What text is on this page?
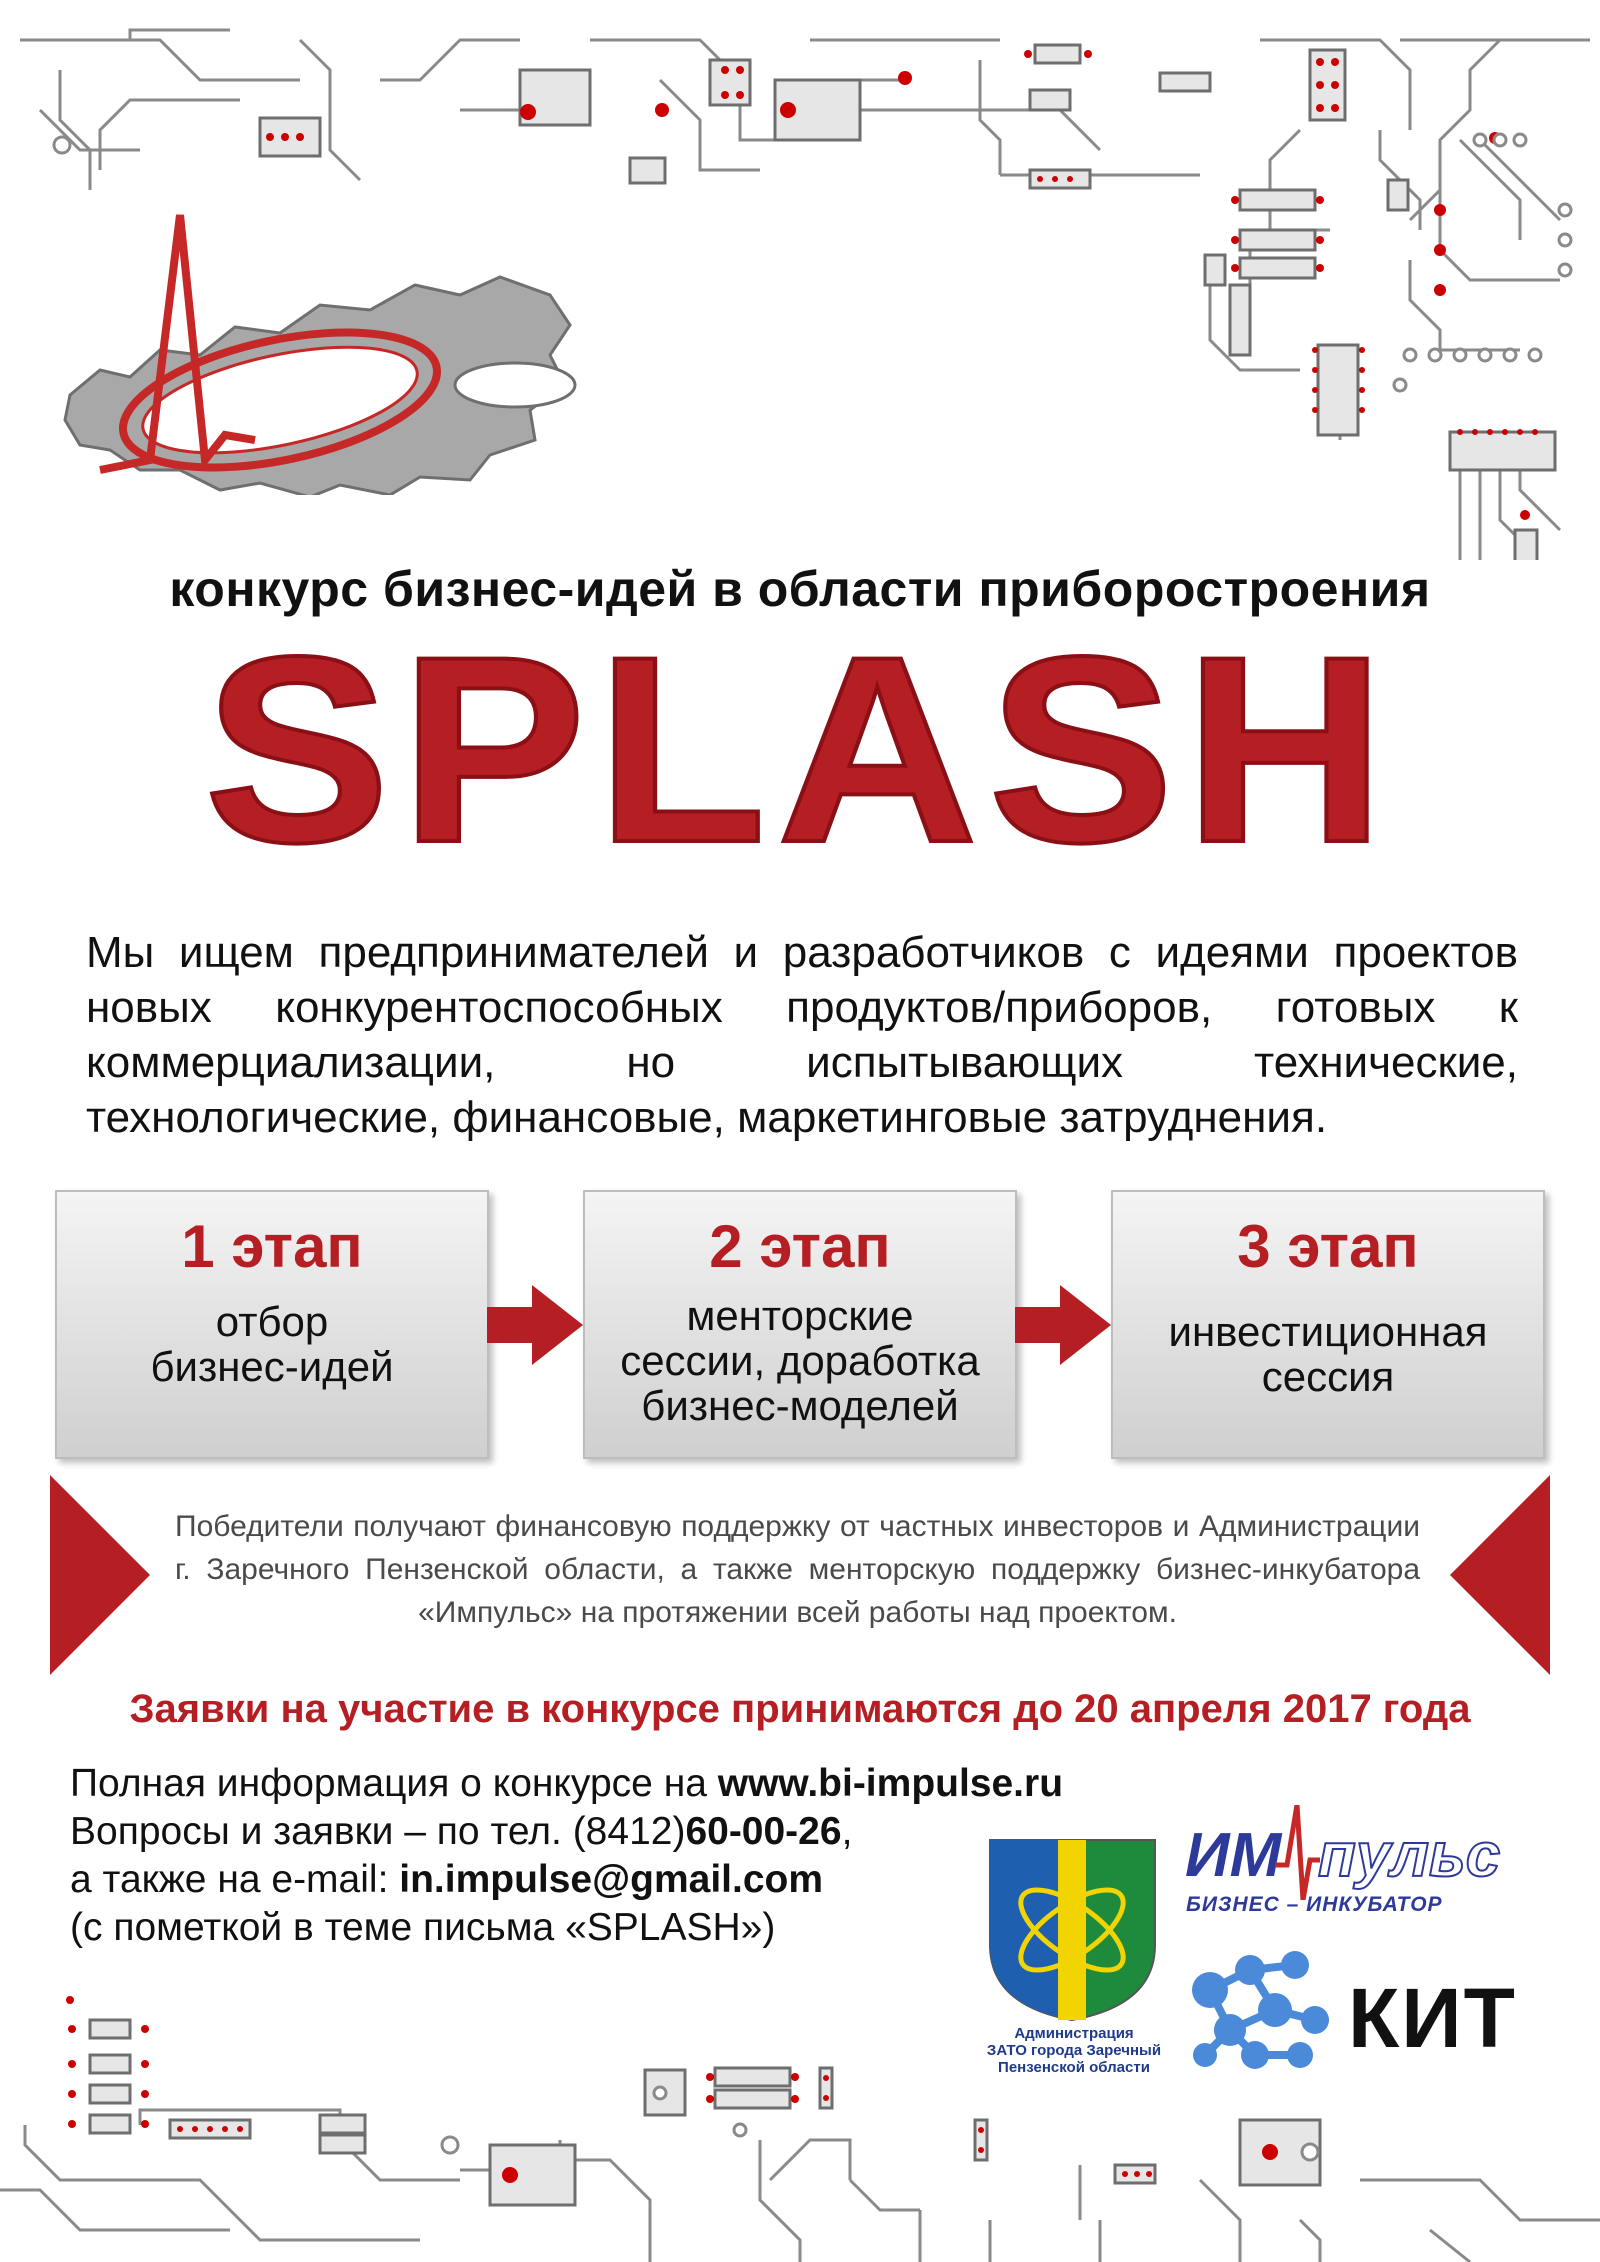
конкурс бизнес-идей в области приборостроения
SPLASH
Мы ищем предпринимателей и разработчиков с идеями проектов новых конкурентоспособных продуктов/приборов, готовых к коммерциализации, но испытывающих технические, технологические, финансовые, маркетинговые затруднения.
1 этап
отбор
бизнес-идей
2 этап
менторские
сессии, доработка
бизнес-моделей
3 этап
инвестиционная
сессия
Победители получают финансовую поддержку от частных инвесторов и Администрации г. Заречного Пензенской области, а также менторскую поддержку бизнес-инкубатора «Импульс» на протяжении всей работы над проектом.
Заявки на участие в конкурсе принимаются до 20 апреля 2017 года
Полная информация о конкурсе на www.bi-impulse.ru
Вопросы и заявки – по тел. (8412)60-00-26,
а также на e-mail: in.impulse@gmail.com
(с пометкой в теме письма «SPLASH»)
Администрация
ЗАТО города Заречный
Пензенской области
ИМ пульс
БИЗНЕС – ИНКУБАТОР
КИТ
